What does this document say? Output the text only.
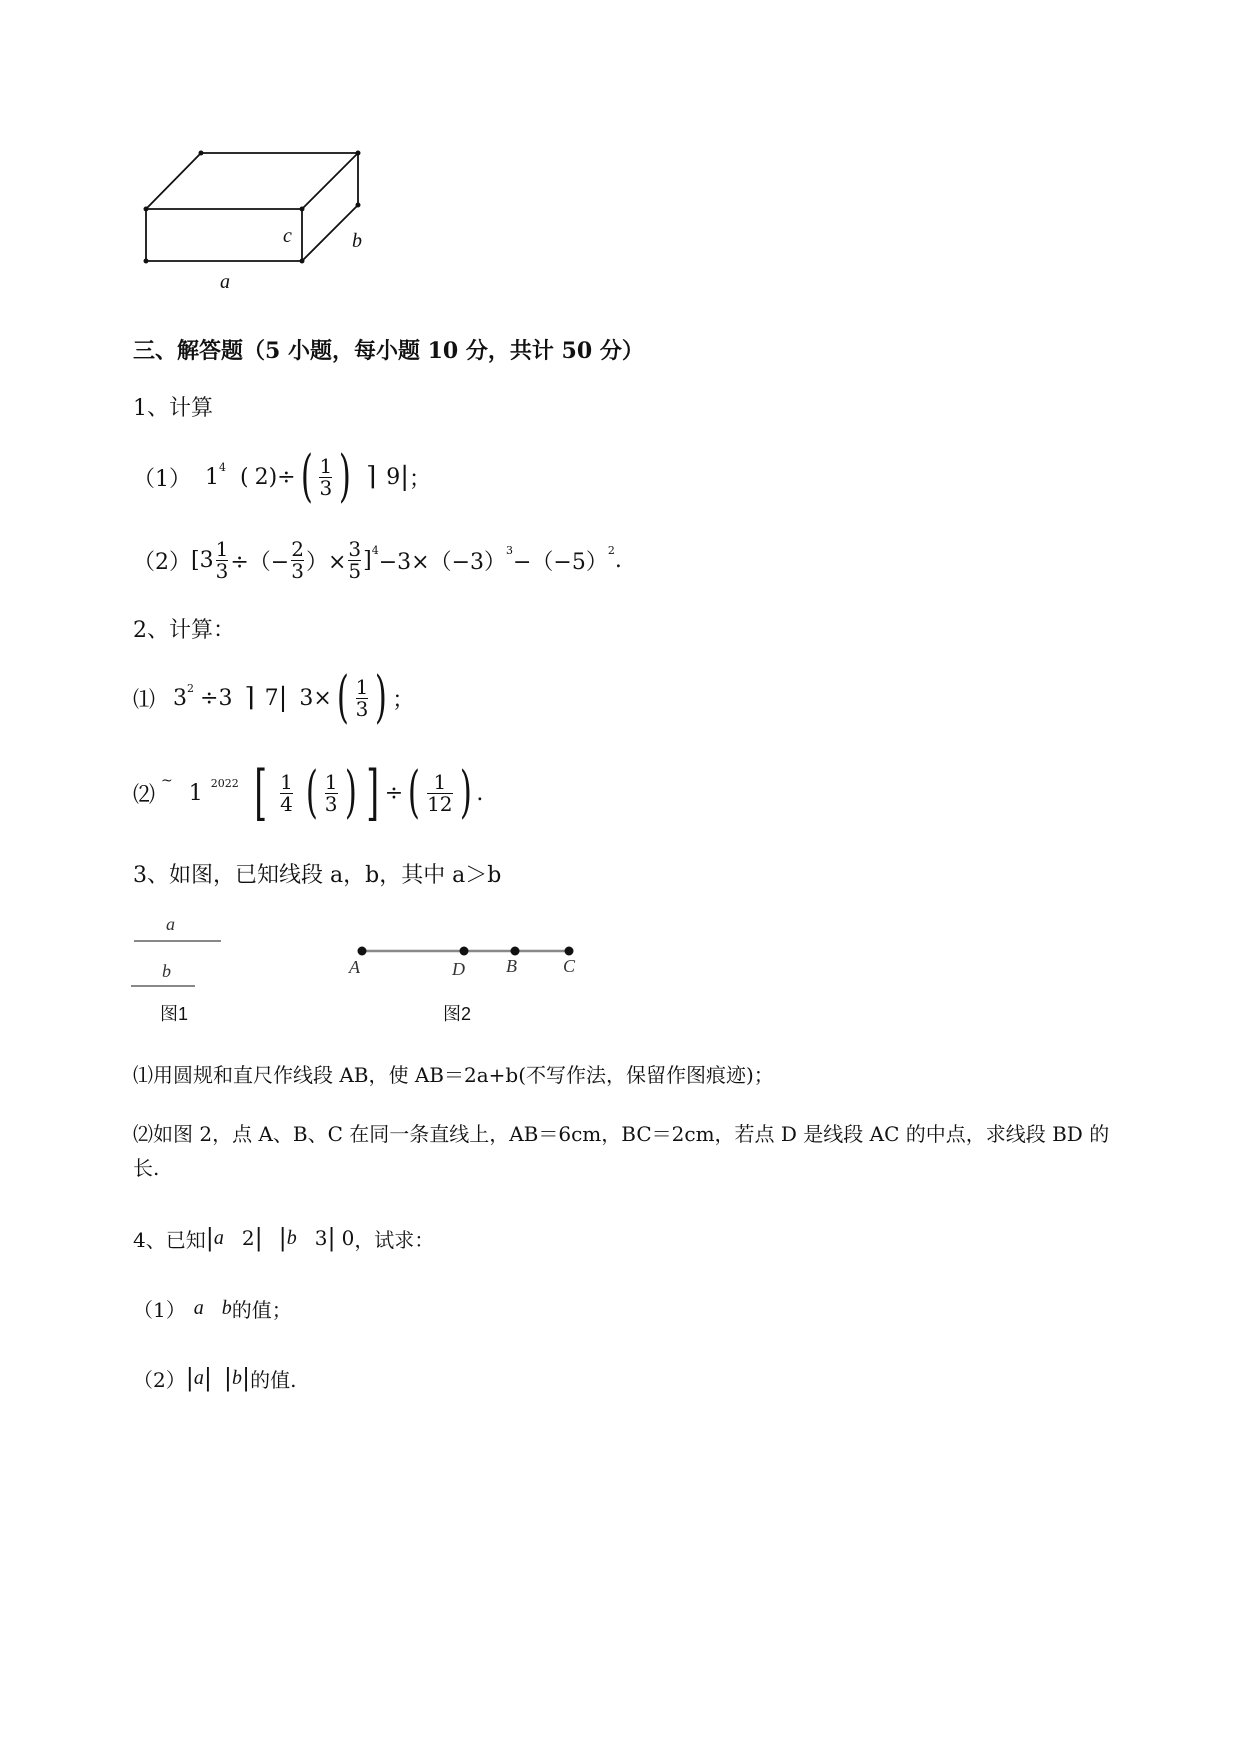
c	b
a
三、解答题（5 小题，每小题 10 分，共计 50 分）
1、计算
（1） 1 4 ( 2)÷ ( $\frac{1}{3}$ ) ⌉ 9 | ；
（2） [ $3 \frac{1}{3}$ ÷（− $\frac{2}{3}$ ）× $\frac{3}{5}$ ] 4 −3×（−3） 3 −（−5） 2 .
2、计算：
⑴ 3 2 ÷3 ⌉ 7 | 3× ( $\frac{1}{3}$ ) ；
⑵
~ 1 2022 [ $\frac{1}{4}$ ( $\frac{1}{3}$ ) ] ÷ ( $\frac{1}{12}$ ) .
3、如图，已知线段 a，b，其中 a＞b
a
b
图1
A	D B	C
图2
⑴用圆规和直尺作线段 AB，使 AB＝2a+b(不写作法，保留作图痕迹)；
⑵如图 2，点 A、B、C 在同一条直线上，AB＝6cm，BC＝2cm，若点 D 是线段 AC 的中点，求线段 BD 的
长.
4、已知 | a 2 | | b 3 | 0 ，试求：
（1） a b 的值；
（2） | a | | b | 的值.
